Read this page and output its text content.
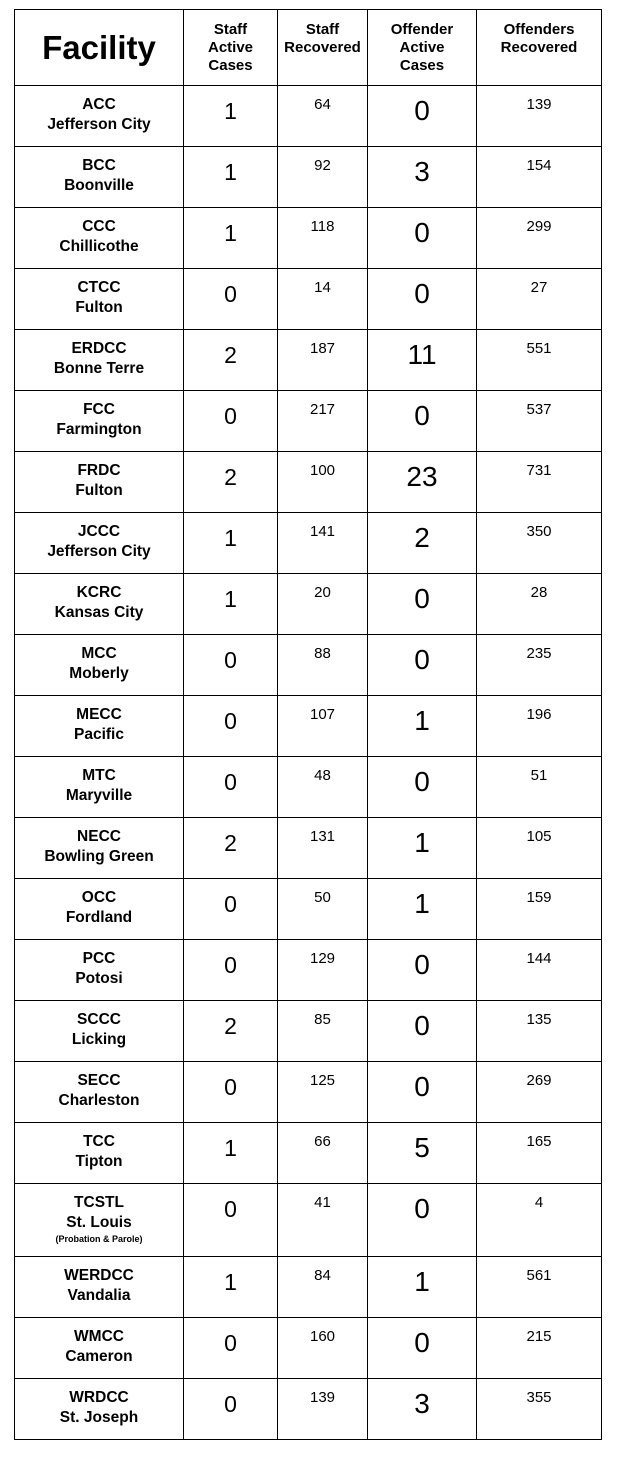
Facility	Staff
Active
Cases	Staff
Recovered	Offender
Active
Cases	Offenders
Recovered

ACC
Jefferson City	1	64	0	139

BCC
Boonville	1	92	3	154

CCC
Chillicothe	1	118	0	299

CTCC
Fulton	0	14	0	27

ERDCC
Bonne Terre	2	187	11	551

FCC
Farmington	0	217	0	537

FRDC
Fulton	2	100	23	731

JCCC
Jefferson City	1	141	2	350

KCRC
Kansas City	1	20	0	28

MCC
Moberly	0	88	0	235

MECC
Pacific	0	107	1	196

MTC
Maryville	0	48	0	51

NECC
Bowling Green	2	131	1	105

OCC
Fordland	0	50	1	159

PCC
Potosi	0	129	0	144

SCCC
Licking	2	85	0	135

SECC
Charleston	0	125	0	269

TCC
Tipton	1	66	5	165

TCSTL
St. Louis
(Probation & Parole)	0	41	0	4

WERDCC
Vandalia	1	84	1	561

WMCC
Cameron	0	160	0	215

WRDCC
St. Joseph	0	139	3	355
